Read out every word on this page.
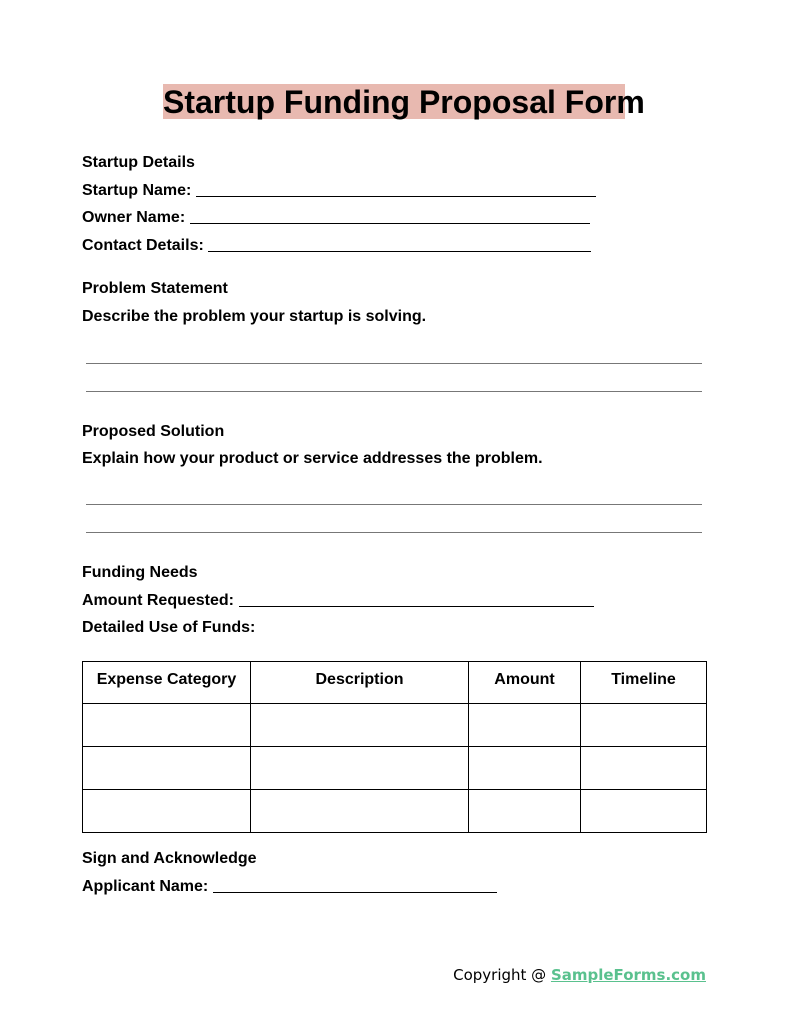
Startup Funding Proposal Form
Startup Details
Startup Name:
Owner Name:
Contact Details:
Problem Statement
Describe the problem your startup is solving.
Proposed Solution
Explain how your product or service addresses the problem.
Funding Needs
Amount Requested:
Detailed Use of Funds:
Expense Category	Description	Amount	Timeline

Sign and Acknowledge
Applicant Name:
Copyright @ SampleForms.com
